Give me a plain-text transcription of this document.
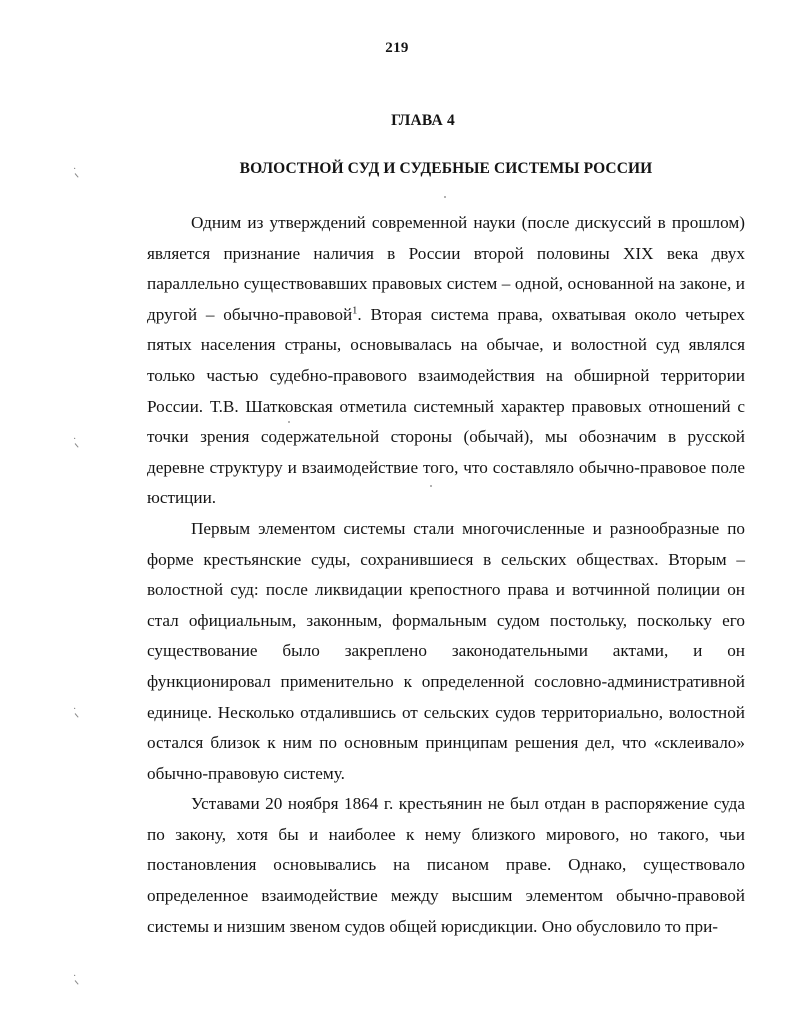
219
ГЛАВА 4
ВОЛОСТНОЙ СУД И СУДЕБНЫЕ СИСТЕМЫ РОССИИ

Одним из утверждений современной науки (после дискуссий в прошлом) является признание наличия в России второй половины XIX века двух параллельно существовавших правовых систем – одной, основанной на законе, и другой – обычно-правовой$^1$. Вторая система права, охватывая около четырех пятых населения страны, основывалась на обычае, и волостной суд являлся только частью судебно-правового взаимодействия на обширной территории России. Т.В. Шатковская отметила системный характер правовых отношений с точки зрения содержательной стороны (обычай), мы обозначим в русской деревне структуру и взаимодействие того, что составляло обычно-правовое поле юстиции.

Первым элементом системы стали многочисленные и разнообразные по форме крестьянские суды, сохранившиеся в сельских обществах. Вторым – волостной суд: после ликвидации крепостного права и вотчинной полиции он стал официальным, законным, формальным судом постольку, поскольку его существование было закреплено законодательными актами, и он функционировал применительно к определенной сословно-административной единице. Несколько отдалившись от сельских судов территориально, волостной остался близок к ним по основным принципам решения дел, что «склеивало» обычно-правовую систему.

Уставами 20 ноября 1864 г. крестьянин не был отдан в распоряжение суда по закону, хотя бы и наиболее к нему близкого мирового, но такого, чьи постановления основывались на писаном праве. Однако, существовало определенное взаимодействие между высшим элементом обычно-правовой системы и низшим звеном судов общей юрисдикции. Оно обусловило то при-

·
·
·
·
